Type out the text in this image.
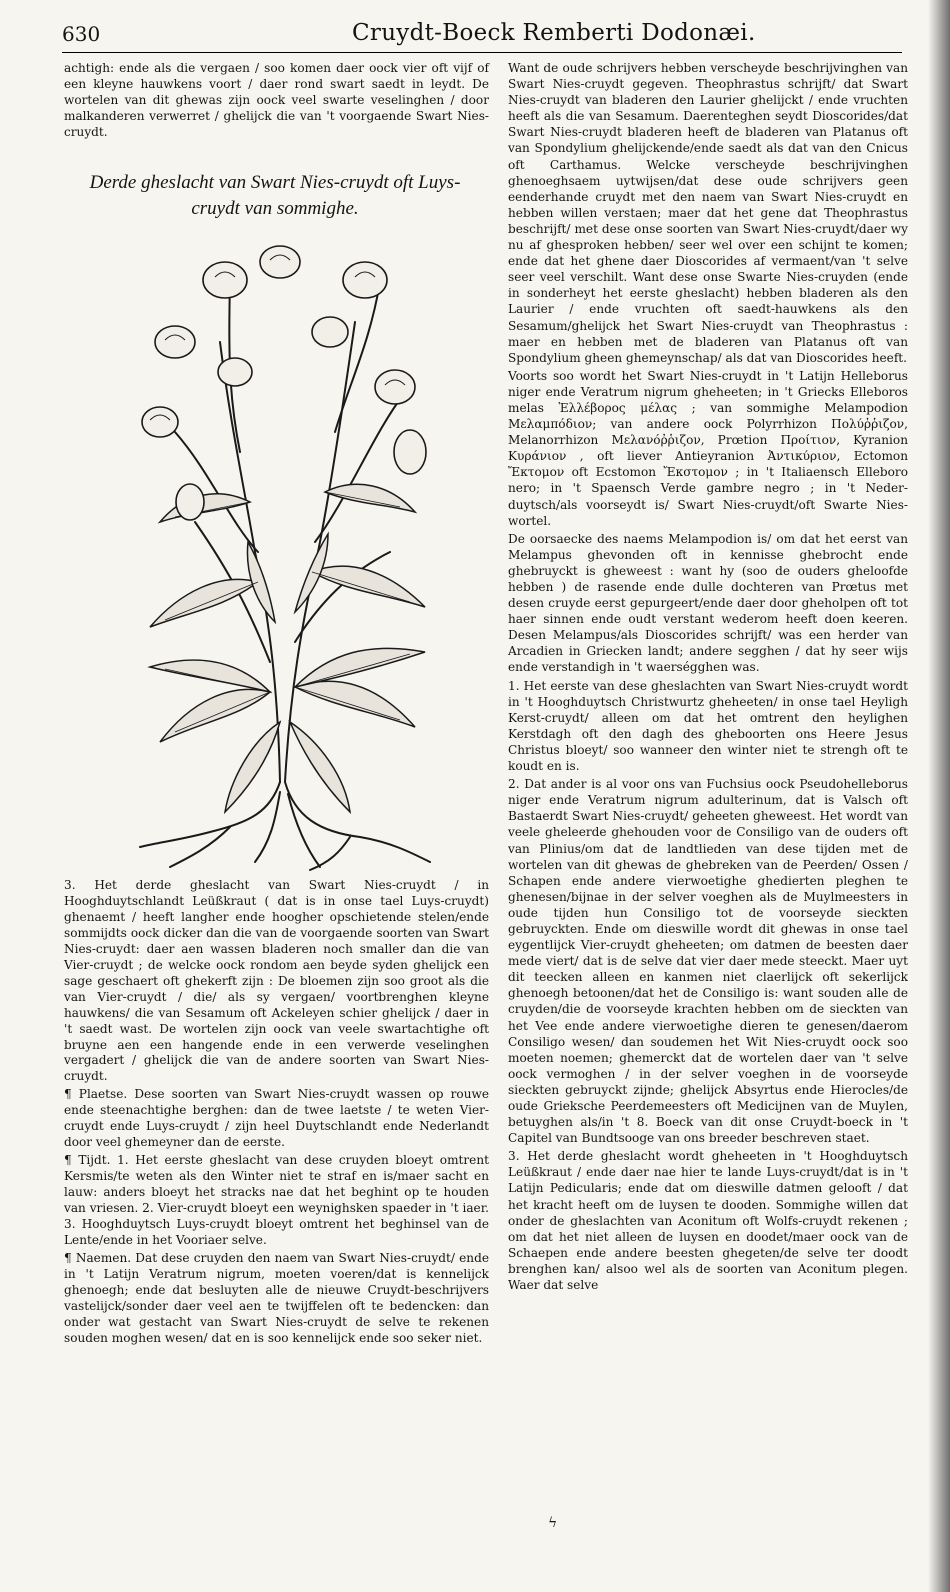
630	Cruydt-Boeck Remberti Dodonæi.

achtigh: ende als die vergaen / soo komen daer oock vier oft vijf of een kleyne hauwkens voort / daer rond swart saedt in leydt. De wortelen van dit ghewas zijn oock veel swarte veselinghen / door malkanderen verwerret / ghelijck die van 't voorgaende Swart Nies-cruydt.

Derde gheslacht van Swart Nies-cruydt oft Luys-cruydt van sommighe.

3. Het derde gheslacht van Swart Nies-cruydt / in Hooghduytschlandt Leüßkraut ( dat is in onse tael Luys-cruydt) ghenaemt / heeft langher ende hoogher opschietende stelen/ende sommijdts oock dicker dan die van de voorgaende soorten van Swart Nies-cruydt: daer aen wassen bladeren noch smaller dan die van Vier-cruydt ; de welcke oock rondom aen beyde syden ghelijck een sage geschaert oft ghekerft zijn : De bloemen zijn soo groot als die van Vier-cruydt / die/ als sy vergaen/ voortbrenghen kleyne hauwkens/ die van Sesamum oft Ackeleyen schier ghelijck / daer in 't saedt wast. De wortelen zijn oock van veele swartachtighe oft bruyne aen een hangende ende in een verwerde veselinghen vergadert / ghelijck die van de andere soorten van Swart Nies-cruydt.

¶ Plaetse. Dese soorten van Swart Nies-cruydt wassen op rouwe ende steenachtighe berghen: dan de twee laetste / te weten Vier-cruydt ende Luys-cruydt / zijn heel Duytschlandt ende Nederlandt door veel ghemeyner dan de eerste.

¶ Tijdt. 1. Het eerste gheslacht van dese cruyden bloeyt omtrent Kersmis/te weten als den Winter niet te straf en is/maer sacht en lauw: anders bloeyt het stracks nae dat het beghint op te houden van vriesen. 2. Vier-cruydt bloeyt een weynighsken spaeder in 't iaer. 3. Hooghduytsch Luys-cruydt bloeyt omtrent het beghinsel van de Lente/ende in het Vooriaer selve.

¶ Naemen. Dat dese cruyden den naem van Swart Nies-cruydt/ ende in 't Latijn Veratrum nigrum, moeten voeren/dat is kennelijck ghenoegh; ende dat besluyten alle de nieuwe Cruydt-beschrijvers vastelijck/sonder daer veel aen te twijffelen oft te bedencken: dan onder wat gestacht van Swart Nies-cruydt de selve te rekenen souden moghen wesen/ dat en is soo kennelijck ende soo seker niet.

Want de oude schrijvers hebben verscheyde beschrijvinghen van Swart Nies-cruydt gegeven. Theophrastus schrijft/ dat Swart Nies-cruydt van bladeren den Laurier ghelijckt / ende vruchten heeft als die van Sesamum. Daerenteghen seydt Dioscorides/dat Swart Nies-cruydt bladeren heeft de bladeren van Platanus oft van Spondylium ghelijckende/ende saedt als dat van den Cnicus oft Carthamus. Welcke verscheyde beschrijvinghen ghenoeghsaem uytwijsen/dat dese oude schrijvers geen eenderhande cruydt met den naem van Swart Nies-cruydt en hebben willen verstaen; maer dat het gene dat Theophrastus beschrijft/ met dese onse soorten van Swart Nies-cruydt/daer wy nu af ghesproken hebben/ seer wel over een schijnt te komen; ende dat het ghene daer Dioscorides af vermaent/van 't selve seer veel verschilt. Want dese onse Swarte Nies-cruyden (ende in sonderheyt het eerste gheslacht) hebben bladeren als den Laurier / ende vruchten oft saedt-hauwkens als den Sesamum/ghelijck het Swart Nies-cruydt van Theophrastus : maer en hebben met de bladeren van Platanus oft van Spondylium gheen ghemeynschap/ als dat van Dioscorides heeft.

Voorts soo wordt het Swart Nies-cruydt in 't Latijn Helleborus niger ende Veratrum nigrum gheheeten; in 't Griecks Elleboros melas Ἑλλέβορος μέλας ; van sommighe Melampodion Μελαμπόδιον; van andere oock Polyrrhizon Πολύῤῥιζον, Melanorrhizon Μελανόῤῥιζον, Prœtion Προίτιον, Kyranion Κυράνιον , oft liever Antieyranion Ἀντικύριον, Ectomon Ἔκτομον oft Ecstomon Ἔκστομον ; in 't Italiaensch Elleboro nero; in 't Spaensch Verde gambre negro ; in 't Neder-duytsch/als voorseydt is/ Swart Nies-cruydt/oft Swarte Nies-wortel.

De oorsaecke des naems Melampodion is/ om dat het eerst van Melampus ghevonden oft in kennisse ghebrocht ende ghebruyckt is gheweest : want hy (soo de ouders gheloofde hebben ) de rasende ende dulle dochteren van Prœtus met desen cruyde eerst gepurgeert/ende daer door gheholpen oft tot haer sinnen ende oudt verstant wederom heeft doen keeren. Desen Melampus/als Dioscorides schrijft/ was een herder van Arcadien in Griecken landt; andere segghen / dat hy seer wijs ende verstandigh in 't waerségghen was.

1. Het eerste van dese gheslachten van Swart Nies-cruydt wordt in 't Hooghduytsch Christwurtz gheheeten/ in onse tael Heyligh Kerst-cruydt/ alleen om dat het omtrent den heylighen Kerstdagh oft den dagh des gheboorten ons Heere Jesus Christus bloeyt/ soo wanneer den winter niet te strengh oft te koudt en is.

2. Dat ander is al voor ons van Fuchsius oock Pseudohelleborus niger ende Veratrum nigrum adulterinum, dat is Valsch oft Bastaerdt Swart Nies-cruydt/ geheeten gheweest. Het wordt van veele gheleerde ghehouden voor de Consiligo van de ouders oft van Plinius/om dat de landtlieden van dese tijden met de wortelen van dit ghewas de ghebreken van de Peerden/ Ossen / Schapen ende andere vierwoetighe ghedierten pleghen te ghenesen/bijnae in der selver voeghen als de Muylmeesters in oude tijden hun Consiligo tot de voorseyde sieckten gebruyckten. Ende om dieswille wordt dit ghewas in onse tael eygentlijck Vier-cruydt gheheeten; om datmen de beesten daer mede viert/ dat is de selve dat vier daer mede steeckt. Maer uyt dit teecken alleen en kanmen niet claerlijck oft sekerlijck ghenoegh betoonen/dat het de Consiligo is: want souden alle de cruyden/die de voorseyde krachten hebben om de sieckten van het Vee ende andere vierwoetighe dieren te genesen/daerom Consiligo wesen/ dan soudemen het Wit Nies-cruydt oock soo moeten noemen; ghemerckt dat de wortelen daer van 't selve oock vermoghen / in der selver voeghen in de voorseyde sieckten gebruyckt zijnde; ghelijck Absyrtus ende Hierocles/de oude Grieksche Peerdemeesters oft Medicijnen van de Muylen, betuyghen als/in 't 8. Boeck van dit onse Cruydt-boeck in 't Capitel van Bundtsooge van ons breeder beschreven staet.

3. Het derde gheslacht wordt gheheeten in 't Hooghduytsch Leüßkraut / ende daer nae hier te lande Luys-cruydt/dat is in 't Latijn Pedicularis; ende dat om dieswille datmen gelooft / dat het kracht heeft om de luysen te dooden. Sommighe willen dat onder de gheslachten van Aconitum oft Wolfs-cruydt rekenen ; om dat het niet alleen de luysen en doodet/maer oock van de Schaepen ende andere beesten ghegeten/de selve ter doodt brenghen kan/ alsoo wel als de soorten van Aconitum plegen. Waer dat selve

ϟ
